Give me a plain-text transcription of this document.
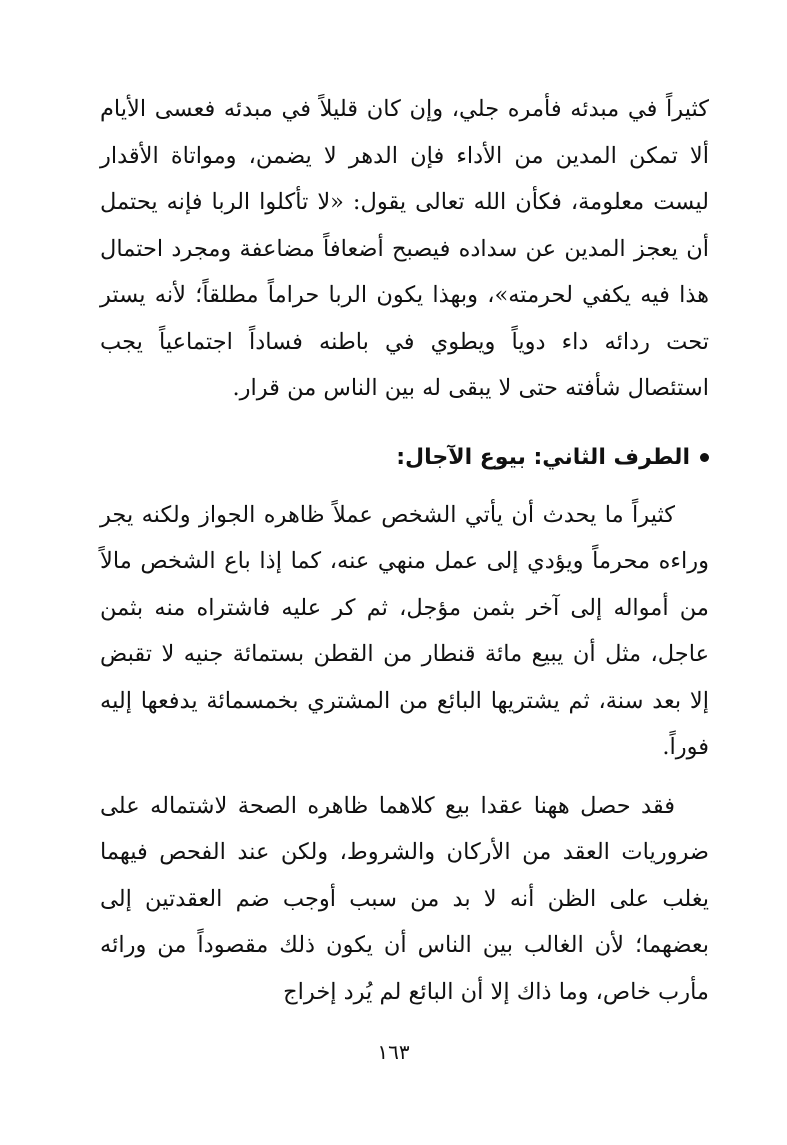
كثيراً في مبدئه فأمره جلي، وإن كان قليلاً في مبدئه فعسى الأيام ألا تمكن المدين من الأداء فإن الدهر لا يضمن، ومواتاة الأقدار ليست معلومة، فكأن الله تعالى يقول: «لا تأكلوا الربا فإنه يحتمل أن يعجز المدين عن سداده فيصبح أضعافاً مضاعفة ومجرد احتمال هذا فيه يكفي لحرمته»، وبهذا يكون الربا حراماً مطلقاً؛ لأنه يستر تحت ردائه داء دوياً ويطوي في باطنه فساداً اجتماعياً يجب استئصال شأفته حتى لا يبقى له بين الناس من قرار.

الطرف الثاني: بيوع الآجال:

كثيراً ما يحدث أن يأتي الشخص عملاً ظاهره الجواز ولكنه يجر وراءه محرماً ويؤدي إلى عمل منهي عنه، كما إذا باع الشخص مالاً من أمواله إلى آخر بثمن مؤجل، ثم كر عليه فاشتراه منه بثمن عاجل، مثل أن يبيع مائة قنطار من القطن بستمائة جنيه لا تقبض إلا بعد سنة، ثم يشتريها البائع من المشتري بخمسمائة يدفعها إليه فوراً.

فقد حصل ههنا عقدا بيع كلاهما ظاهره الصحة لاشتماله على ضروريات العقد من الأركان والشروط، ولكن عند الفحص فيهما يغلب على الظن أنه لا بد من سبب أوجب ضم العقدتين إلى بعضهما؛ لأن الغالب بين الناس أن يكون ذلك مقصوداً من ورائه مأرب خاص، وما ذاك إلا أن البائع لم يُرد إخراج

١٦٣
